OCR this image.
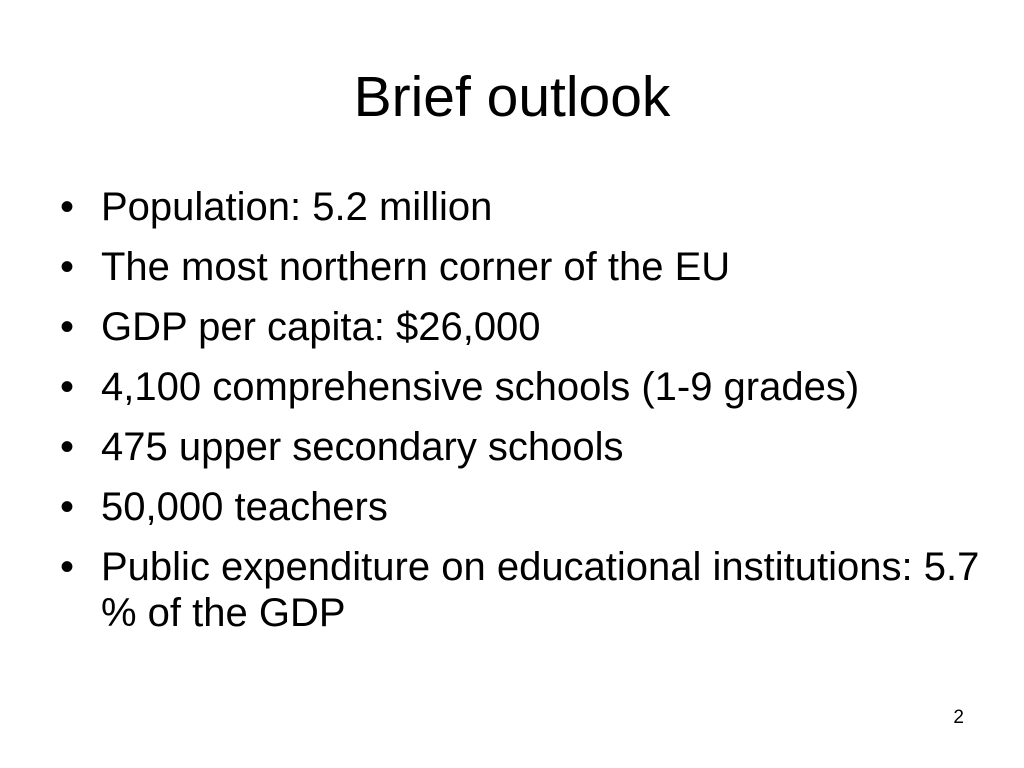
Brief outlook
• Population: 5.2 million
• The most northern corner of the EU
• GDP per capita: $26,000
• 4,100 comprehensive schools (1-9 grades)
• 475 upper secondary schools
• 50,000 teachers
• Public expenditure on educational institutions: 5.7 % of the GDP
2
